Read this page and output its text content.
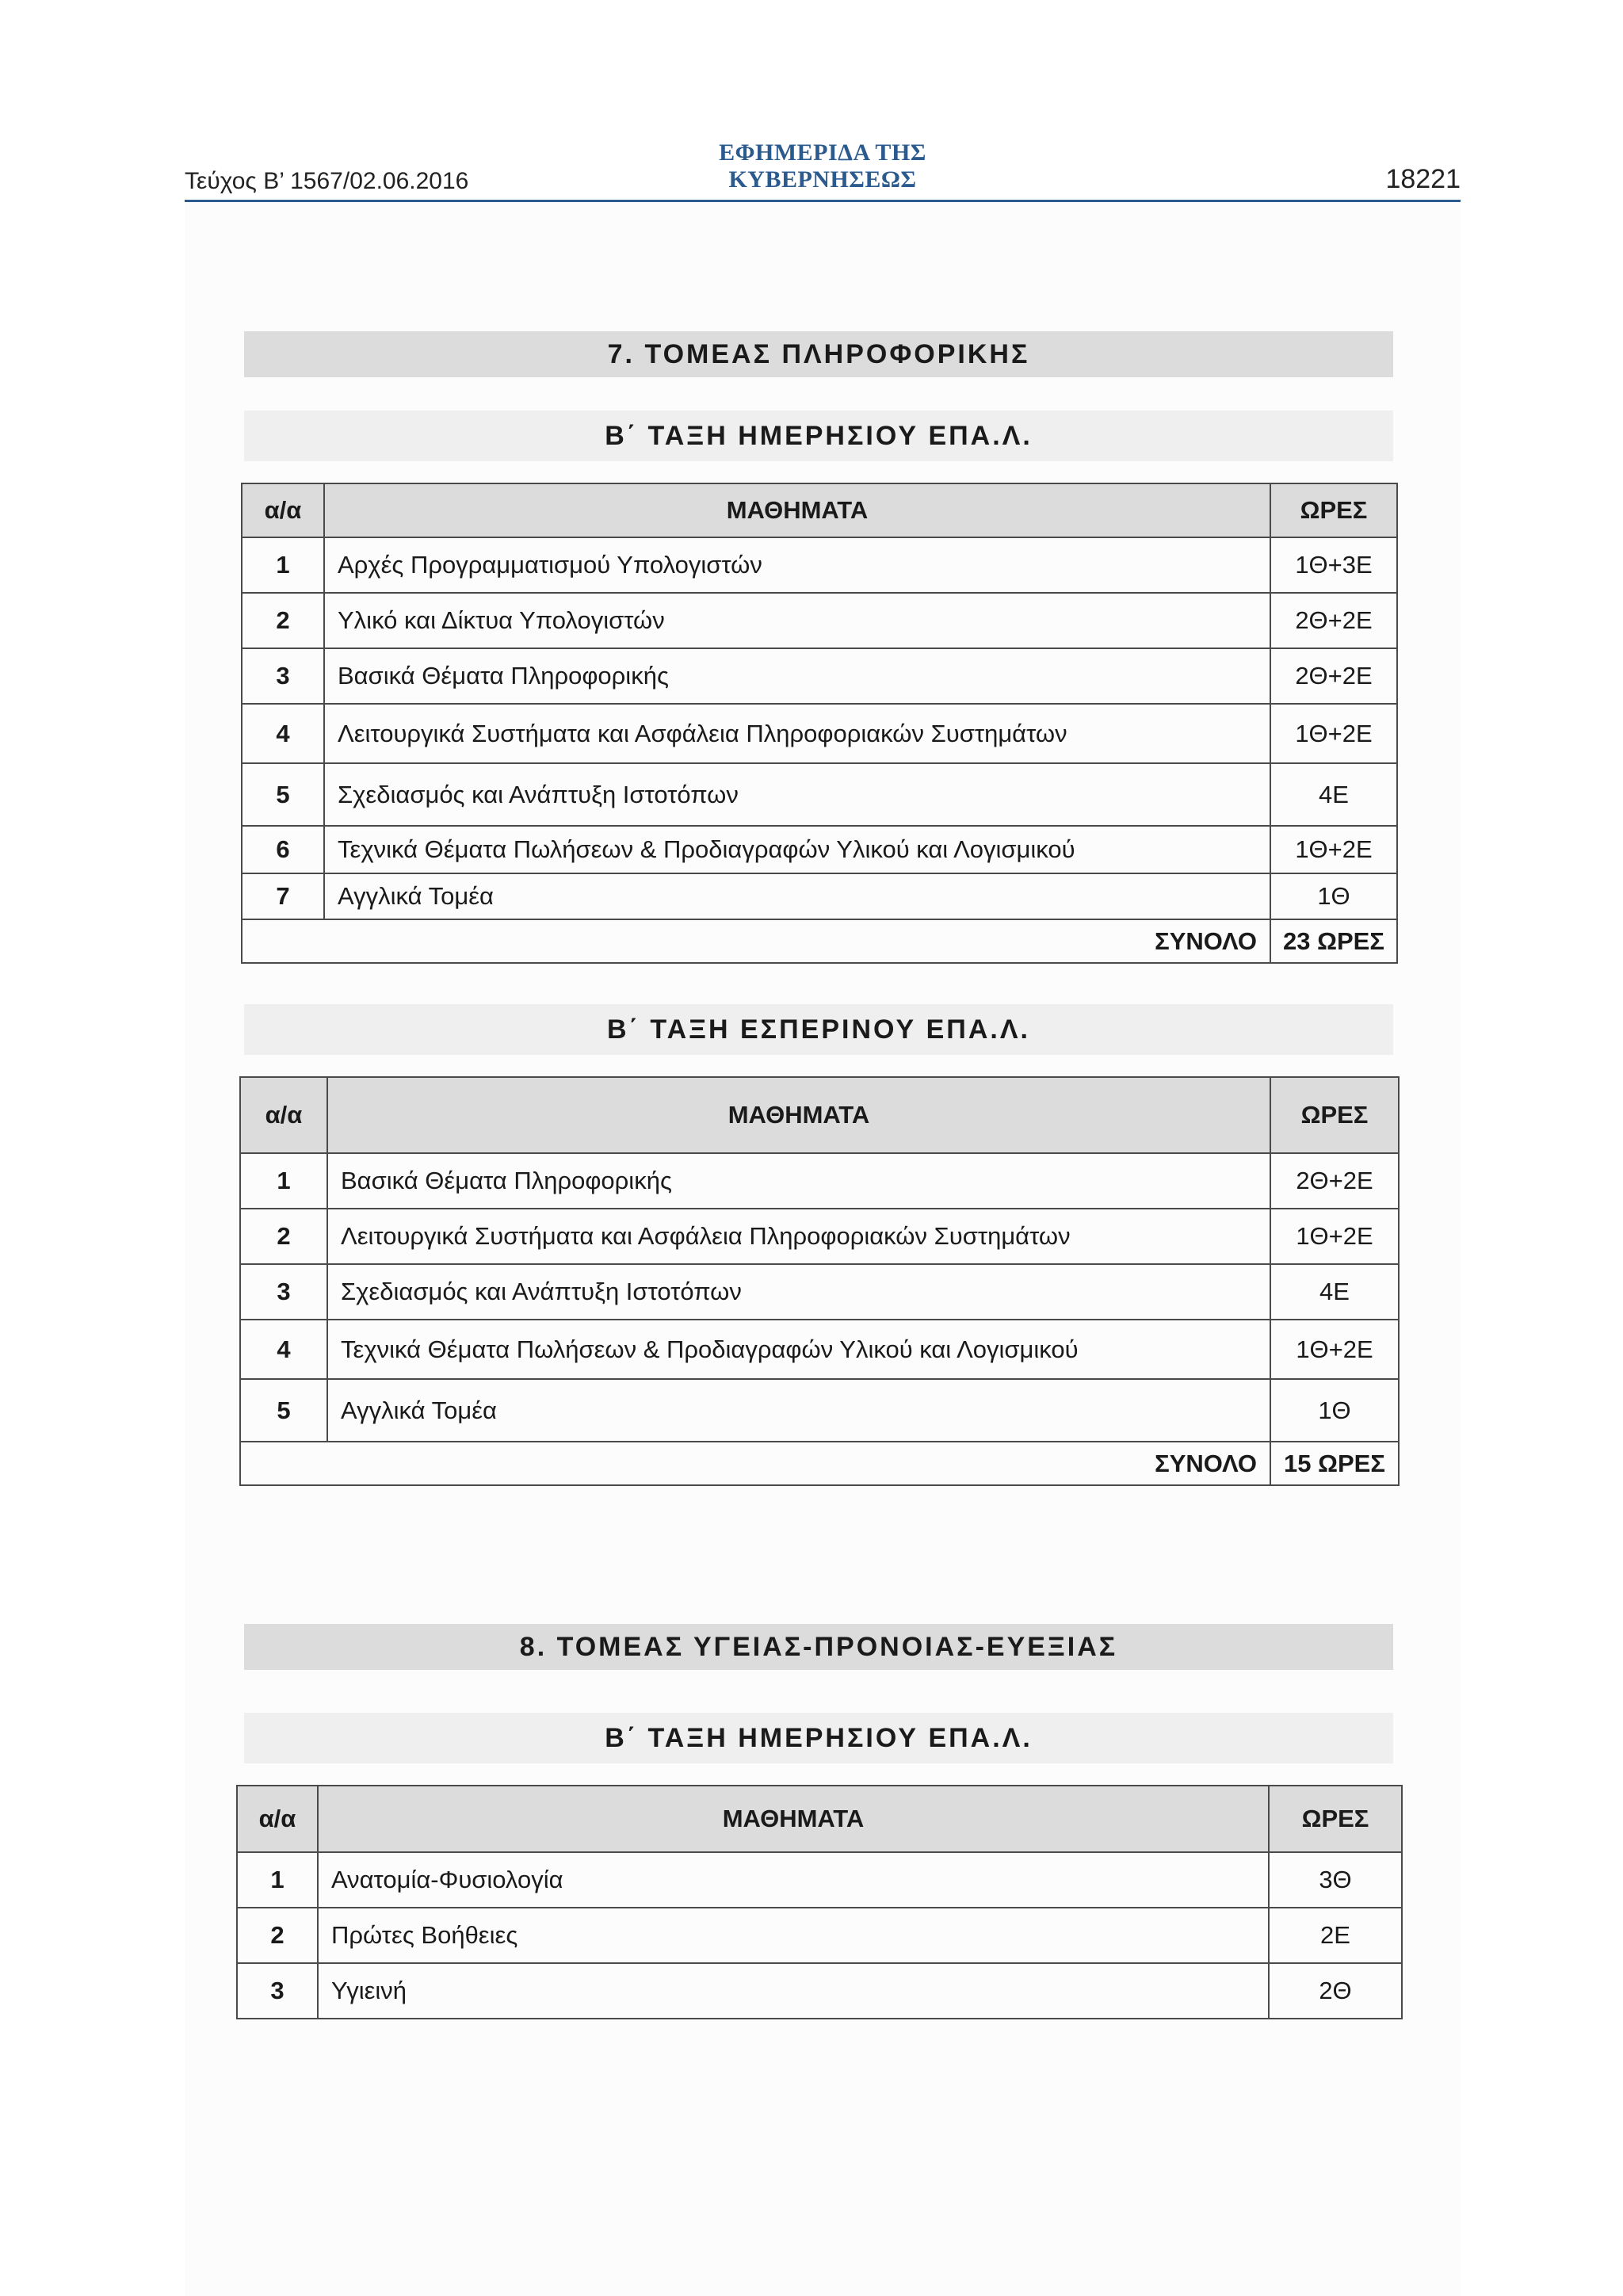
Τεύχος Β’ 1567/02.06.2016
ΕΦΗΜΕΡΙΔΑ ΤΗΣ ΚΥΒΕΡΝΗΣΕΩΣ	18221
7. ΤΟΜΕΑΣ ΠΛΗΡΟΦΟΡΙΚΗΣ
Β΄ ΤΑΞΗ ΗΜΕΡΗΣΙΟΥ ΕΠΑ.Λ.
α/α	ΜΑΘΗΜΑΤΑ	ΩΡΕΣ
1	Αρχές Προγραμματισμού Υπολογιστών	1Θ+3Ε
2	Υλικό και Δίκτυα Υπολογιστών	2Θ+2Ε
3	Βασικά Θέματα Πληροφορικής	2Θ+2Ε
4	Λειτουργικά Συστήματα και Ασφάλεια Πληροφοριακών Συστημάτων	1Θ+2Ε
5	Σχεδιασμός και Ανάπτυξη Ιστοτόπων	4Ε
6	Τεχνικά Θέματα Πωλήσεων & Προδιαγραφών Υλικού και Λογισμικού	1Θ+2Ε
7	Αγγλικά Τομέα	1Θ
ΣΥΝΟΛΟ		23 ΩΡΕΣ
Β΄ ΤΑΞΗ ΕΣΠΕΡΙΝΟΥ ΕΠΑ.Λ.
α/α	ΜΑΘΗΜΑΤΑ	ΩΡΕΣ
1	Βασικά Θέματα Πληροφορικής	2Θ+2Ε
2	Λειτουργικά Συστήματα και Ασφάλεια Πληροφοριακών Συστημάτων	1Θ+2Ε
3	Σχεδιασμός και Ανάπτυξη Ιστοτόπων	4Ε
4	Τεχνικά Θέματα Πωλήσεων & Προδιαγραφών Υλικού και Λογισμικού	1Θ+2Ε
5	Αγγλικά Τομέα	1Θ
ΣΥΝΟΛΟ		15 ΩΡΕΣ
8. ΤΟΜΕΑΣ ΥΓΕΙΑΣ-ΠΡΟΝΟΙΑΣ-ΕΥΕΞΙΑΣ
Β΄ ΤΑΞΗ ΗΜΕΡΗΣΙΟΥ ΕΠΑ.Λ.
α/α	ΜΑΘΗΜΑΤΑ	ΩΡΕΣ
1	Ανατομία-Φυσιολογία	3Θ
2	Πρώτες Βοήθειες	2Ε
3	Υγιεινή	2Θ
